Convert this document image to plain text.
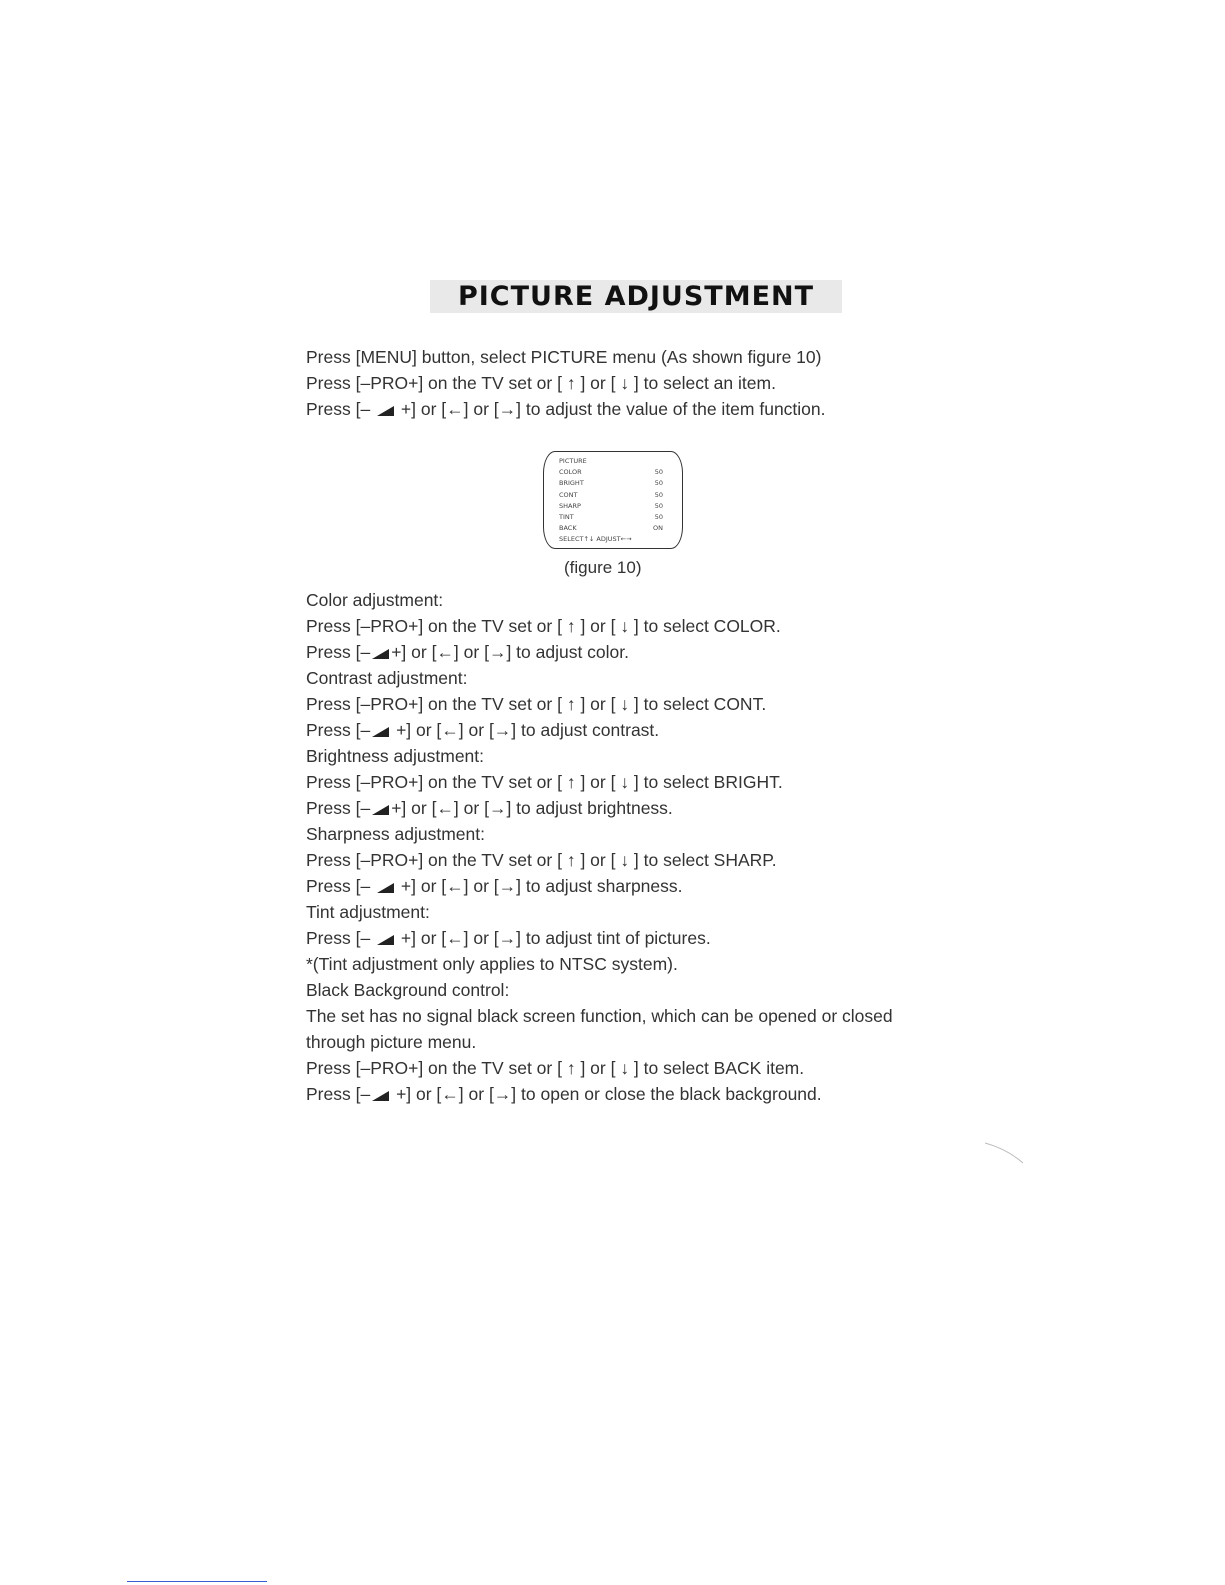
PICTURE ADJUSTMENT
Press [MENU] button, select PICTURE menu (As shown figure 10)
Press [–PRO+] on the TV set or [ ↑ ] or [ ↓ ] to select an item.
Press [–  +] or [←] or [→] to adjust the value of the item function.
PICTURE
COLOR	50
BRIGHT	50
CONT	50
SHARP	50
TINT	50
BACK	ON
SELECT↑↓ ADJUST←→
(figure 10)
Color adjustment:
Press [–PRO+] on the TV set or [ ↑ ] or [ ↓ ] to select COLOR.
Press [– +] or [←] or [→] to adjust color.
Contrast adjustment:
Press [–PRO+] on the TV set or [ ↑ ] or [ ↓ ] to select CONT.
Press [– +] or [←] or [→] to adjust contrast.
Brightness adjustment:
Press [–PRO+] on the TV set or [ ↑ ] or [ ↓ ] to select BRIGHT.
Press [– +] or [←] or [→] to adjust brightness.
Sharpness adjustment:
Press [–PRO+] on the TV set or [ ↑ ] or [ ↓ ] to select SHARP.
Press [–  +] or [←] or [→] to adjust sharpness.
Tint adjustment:
Press [–  +] or [←] or [→] to adjust tint of pictures.
*(Tint adjustment only applies to NTSC system).
Black Background control:
The set has no signal black screen function, which can be opened or closed
through picture menu.
Press [–PRO+] on the TV set or [ ↑ ] or [ ↓ ] to select BACK item.
Press [– +] or [←] or [→] to open or close the black background.
